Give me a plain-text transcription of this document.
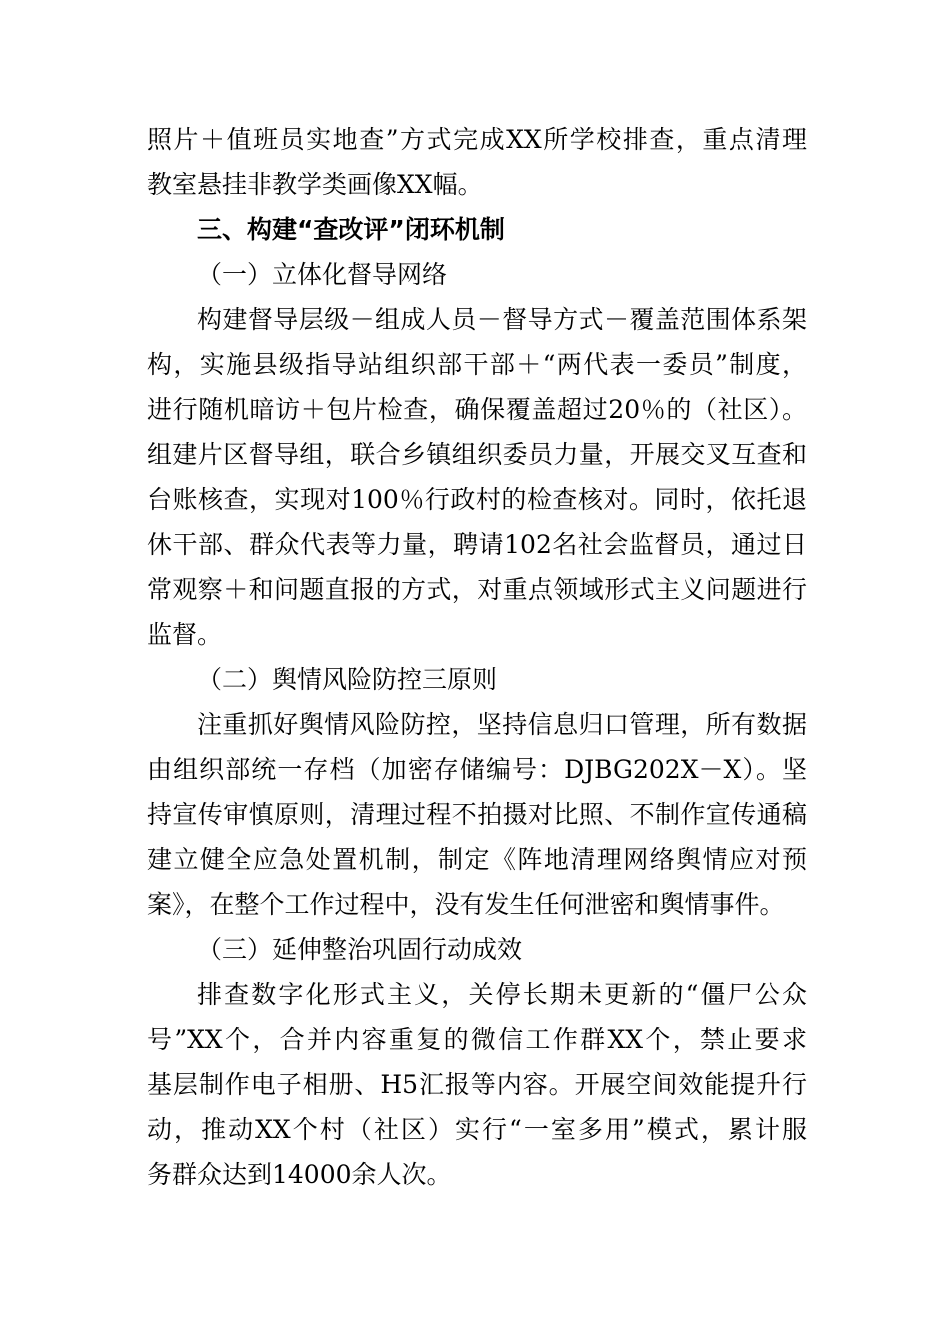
照片＋值班员实地查”方式完成XX所学校排查，重点清理
教室悬挂非教学类画像XX幅。
三、构建“查改评”闭环机制
（一）立体化督导网络
构建督导层级－组成人员－督导方式－覆盖范围体系架
构，实施县级指导站组织部干部＋“两代表一委员”制度，
进行随机暗访＋包片检查，确保覆盖超过20％的（社区）。
组建片区督导组，联合乡镇组织委员力量，开展交叉互查和
台账核查，实现对100％行政村的检查核对。同时，依托退
休干部、群众代表等力量，聘请102名社会监督员，通过日
常观察＋和问题直报的方式，对重点领域形式主义问题进行
监督。
（二）舆情风险防控三原则
注重抓好舆情风险防控，坚持信息归口管理，所有数据
由组织部统一存档（加密存储编号：DJBG202X－X）。坚
持宣传审慎原则，清理过程不拍摄对比照、不制作宣传通稿
建立健全应急处置机制，制定《阵地清理网络舆情应对预
案》，在整个工作过程中，没有发生任何泄密和舆情事件。
（三）延伸整治巩固行动成效
排查数字化形式主义，关停长期未更新的“僵尸公众
号”XX个，合并内容重复的微信工作群XX个，禁止要求
基层制作电子相册、H5汇报等内容。开展空间效能提升行
动，推动XX个村（社区）实行“一室多用”模式，累计服
务群众达到14000余人次。
